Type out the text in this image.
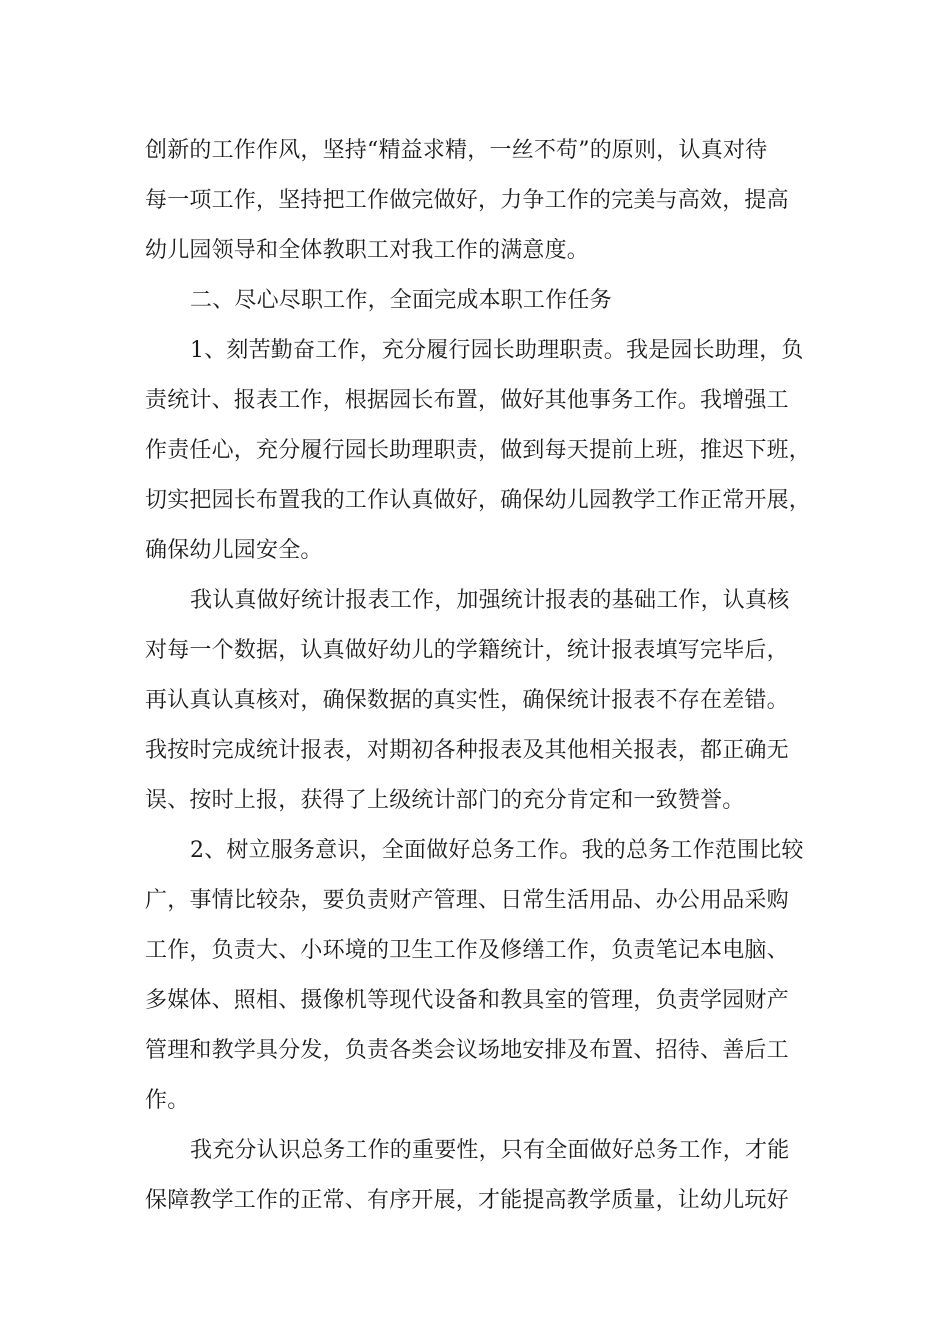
创新的工作作风，坚持“精益求精，一丝不苟”的原则，认真对待

每一项工作，坚持把工作做完做好，力争工作的完美与高效，提高

幼儿园领导和全体教职工对我工作的满意度。

二、尽心尽职工作，全面完成本职工作任务

1、刻苦勤奋工作，充分履行园长助理职责。我是园长助理，负

责统计、报表工作，根据园长布置，做好其他事务工作。我增强工

作责任心，充分履行园长助理职责，做到每天提前上班，推迟下班，

切实把园长布置我的工作认真做好，确保幼儿园教学工作正常开展，

确保幼儿园安全。

我认真做好统计报表工作，加强统计报表的基础工作，认真核

对每一个数据，认真做好幼儿的学籍统计，统计报表填写完毕后，

再认真认真核对，确保数据的真实性，确保统计报表不存在差错。

我按时完成统计报表，对期初各种报表及其他相关报表，都正确无

误、按时上报，获得了上级统计部门的充分肯定和一致赞誉。

2、树立服务意识，全面做好总务工作。我的总务工作范围比较

广，事情比较杂，要负责财产管理、日常生活用品、办公用品采购

工作，负责大、小环境的卫生工作及修缮工作，负责笔记本电脑、

多媒体、照相、摄像机等现代设备和教具室的管理，负责学园财产

管理和教学具分发，负责各类会议场地安排及布置、招待、善后工

作。

我充分认识总务工作的重要性，只有全面做好总务工作，才能

保障教学工作的正常、有序开展，才能提高教学质量，让幼儿玩好
